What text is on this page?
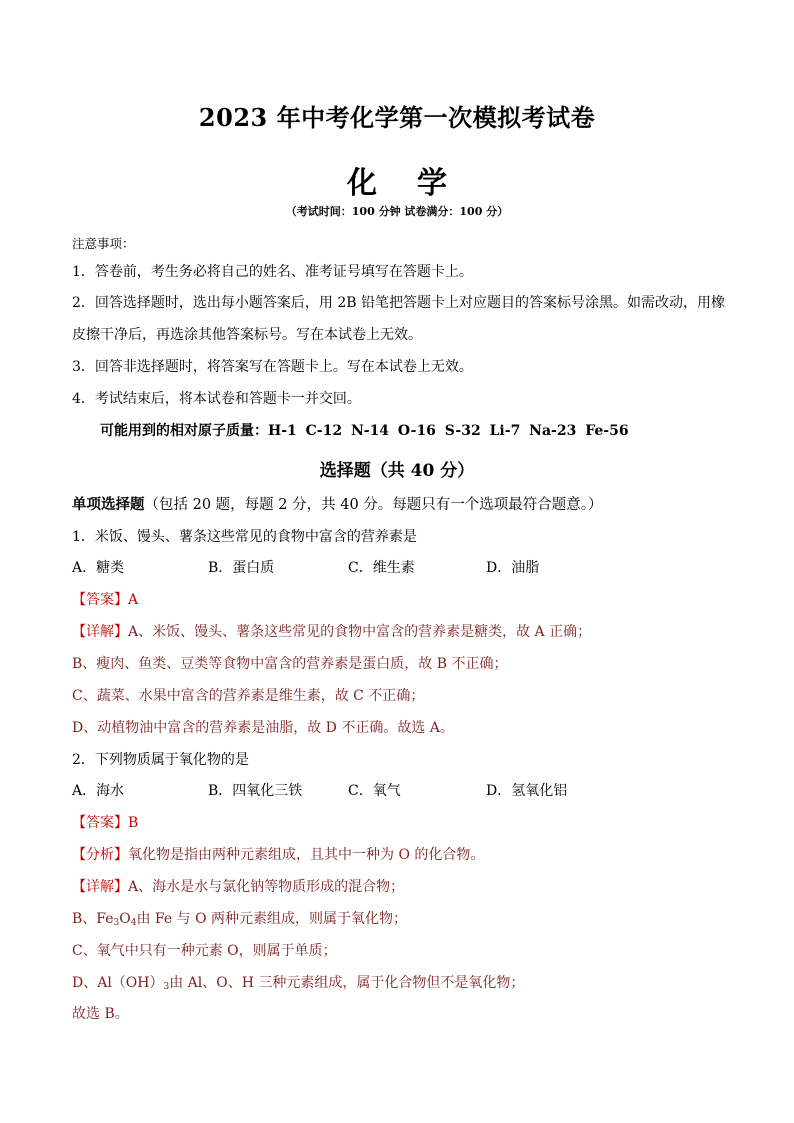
2023 年中考化学第一次模拟考试卷
化 学
（考试时间：100 分钟 试卷满分：100 分）
注意事项：
1．答卷前，考生务必将自己的姓名、准考证号填写在答题卡上。
2．回答选择题时，选出每小题答案后，用 2B 铅笔把答题卡上对应题目的答案标号涂黑。如需改动，用橡
皮擦干净后，再选涂其他答案标号。写在本试卷上无效。
3．回答非选择题时，将答案写在答题卡上。写在本试卷上无效。
4．考试结束后，将本试卷和答题卡一并交回。
可能用到的相对原子质量：H-1 C-12 N-14 O-16 S-32 Li-7 Na-23 Fe-56
选择题（共 40 分）
单项选择题（包括 20 题，每题 2 分，共 40 分。每题只有一个选项最符合题意。）
1．米饭、馒头、薯条这些常见的食物中富含的营养素是
A．糖类	B．蛋白质	C．维生素	D．油脂
【答案】A
【详解】A、米饭、馒头、薯条这些常见的食物中富含的营养素是糖类，故 A 正确；
B、瘦肉、鱼类、豆类等食物中富含的营养素是蛋白质，故 B 不正确；
C、蔬菜、水果中富含的营养素是维生素，故 C 不正确；
D、动植物油中富含的营养素是油脂，故 D 不正确。故选 A。
2．下列物质属于氧化物的是
A．海水	B．四氧化三铁	C．氧气	D．氢氧化铝
【答案】B
【分析】氧化物是指由两种元素组成，且其中一种为 O 的化合物。
【详解】A、海水是水与氯化钠等物质形成的混合物；
B、$Fe_3O_4$由 Fe 与 O 两种元素组成，则属于氧化物；
C、氧气中只有一种元素 O，则属于单质；
D、$Al(OH)_3$由 Al、O、H 三种元素组成，属于化合物但不是氧化物；
故选 B。
